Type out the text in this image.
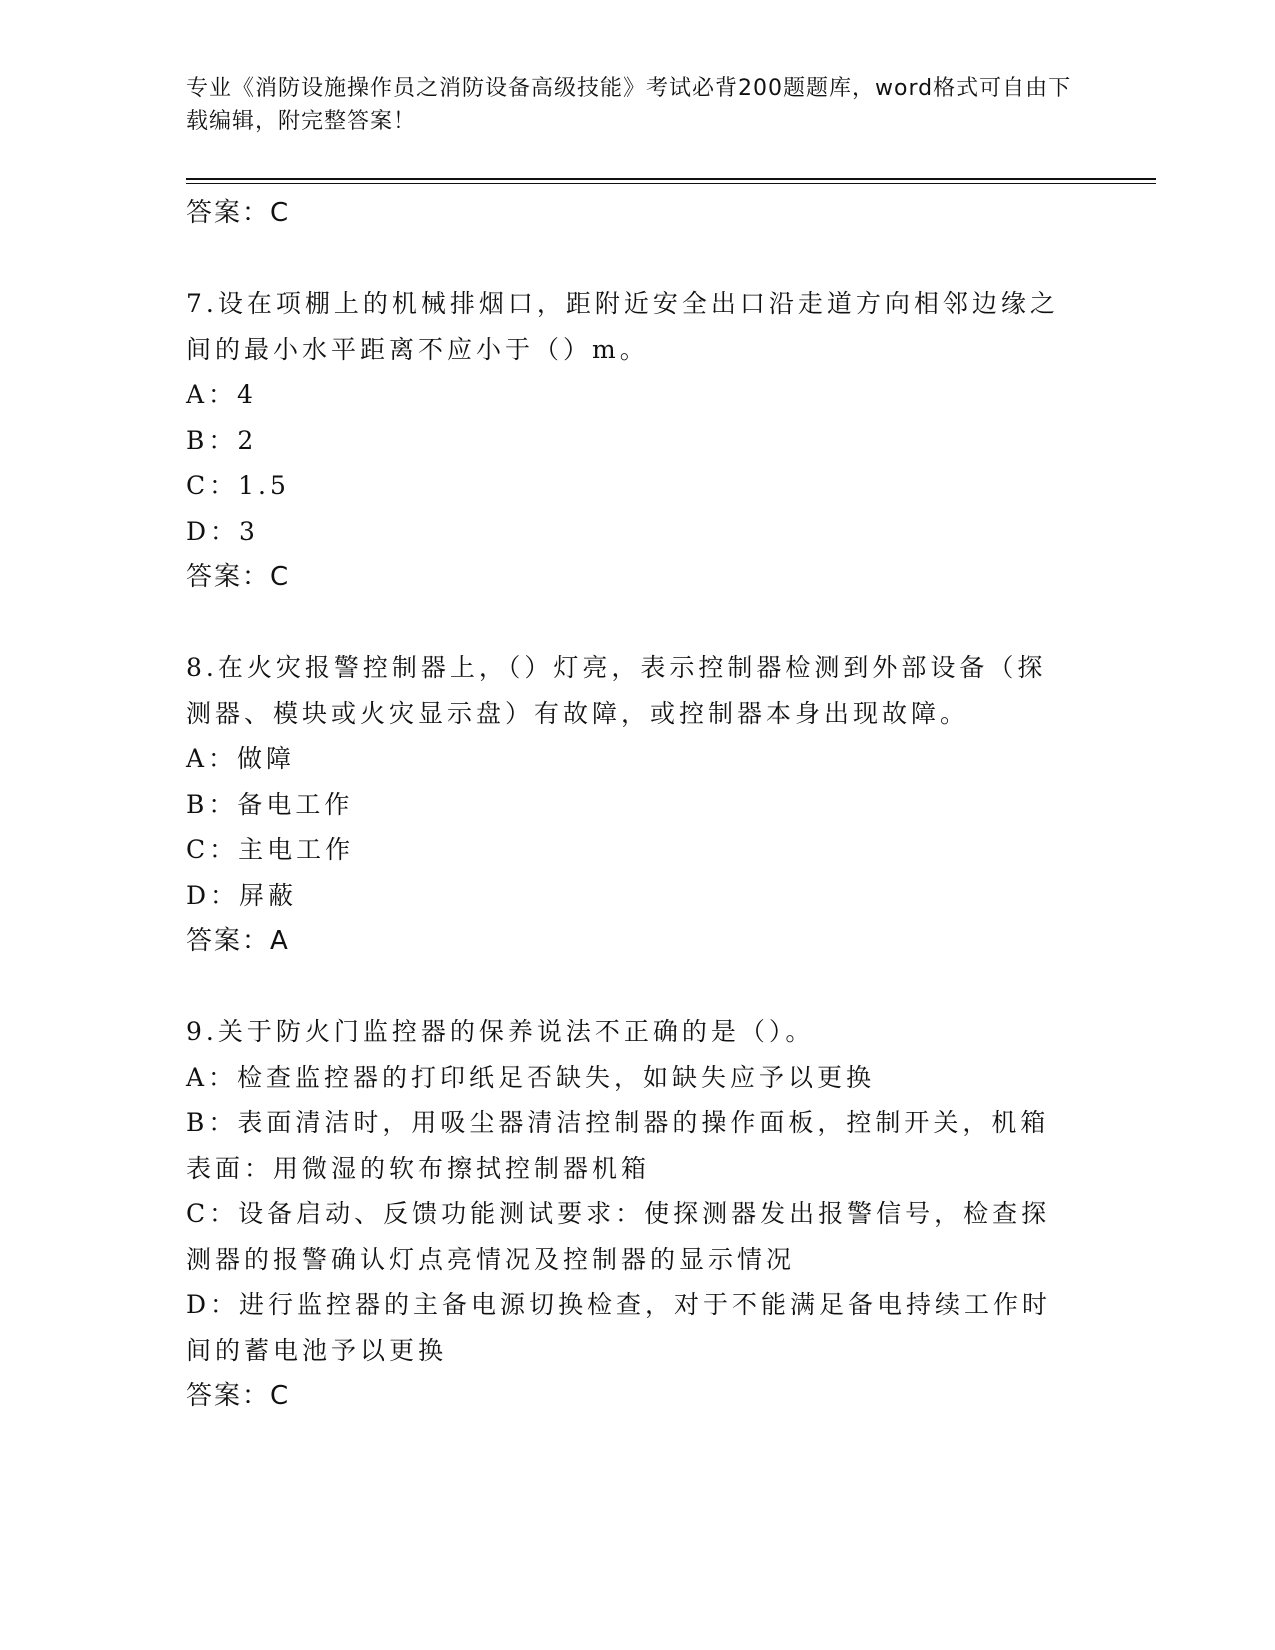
专业《消防设施操作员之消防设备高级技能》考试必背200题题库，word格式可自由下载编辑，附完整答案！
答案：C
7.设在项棚上的机械排烟口，距附近安全出口沿走道方向相邻边缘之间的最小水平距离不应小于（）m。
A：4
B：2
C：1.5
D：3
答案：C
8.在火灾报警控制器上，（）灯亮，表示控制器检测到外部设备（探测器、模块或火灾显示盘）有故障，或控制器本身出现故障。
A：做障
B：备电工作
C：主电工作
D：屏蔽
答案：A
9.关于防火门监控器的保养说法不正确的是（）。
A：检查监控器的打印纸足否缺失，如缺失应予以更换
B：表面清洁时，用吸尘器清洁控制器的操作面板，控制开关，机箱表面：用微湿的软布擦拭控制器机箱
C：设备启动、反馈功能测试要求：使探测器发出报警信号，检查探测器的报警确认灯点亮情况及控制器的显示情况
D：进行监控器的主备电源切换检查，对于不能满足备电持续工作时间的蓄电池予以更换
答案：C
